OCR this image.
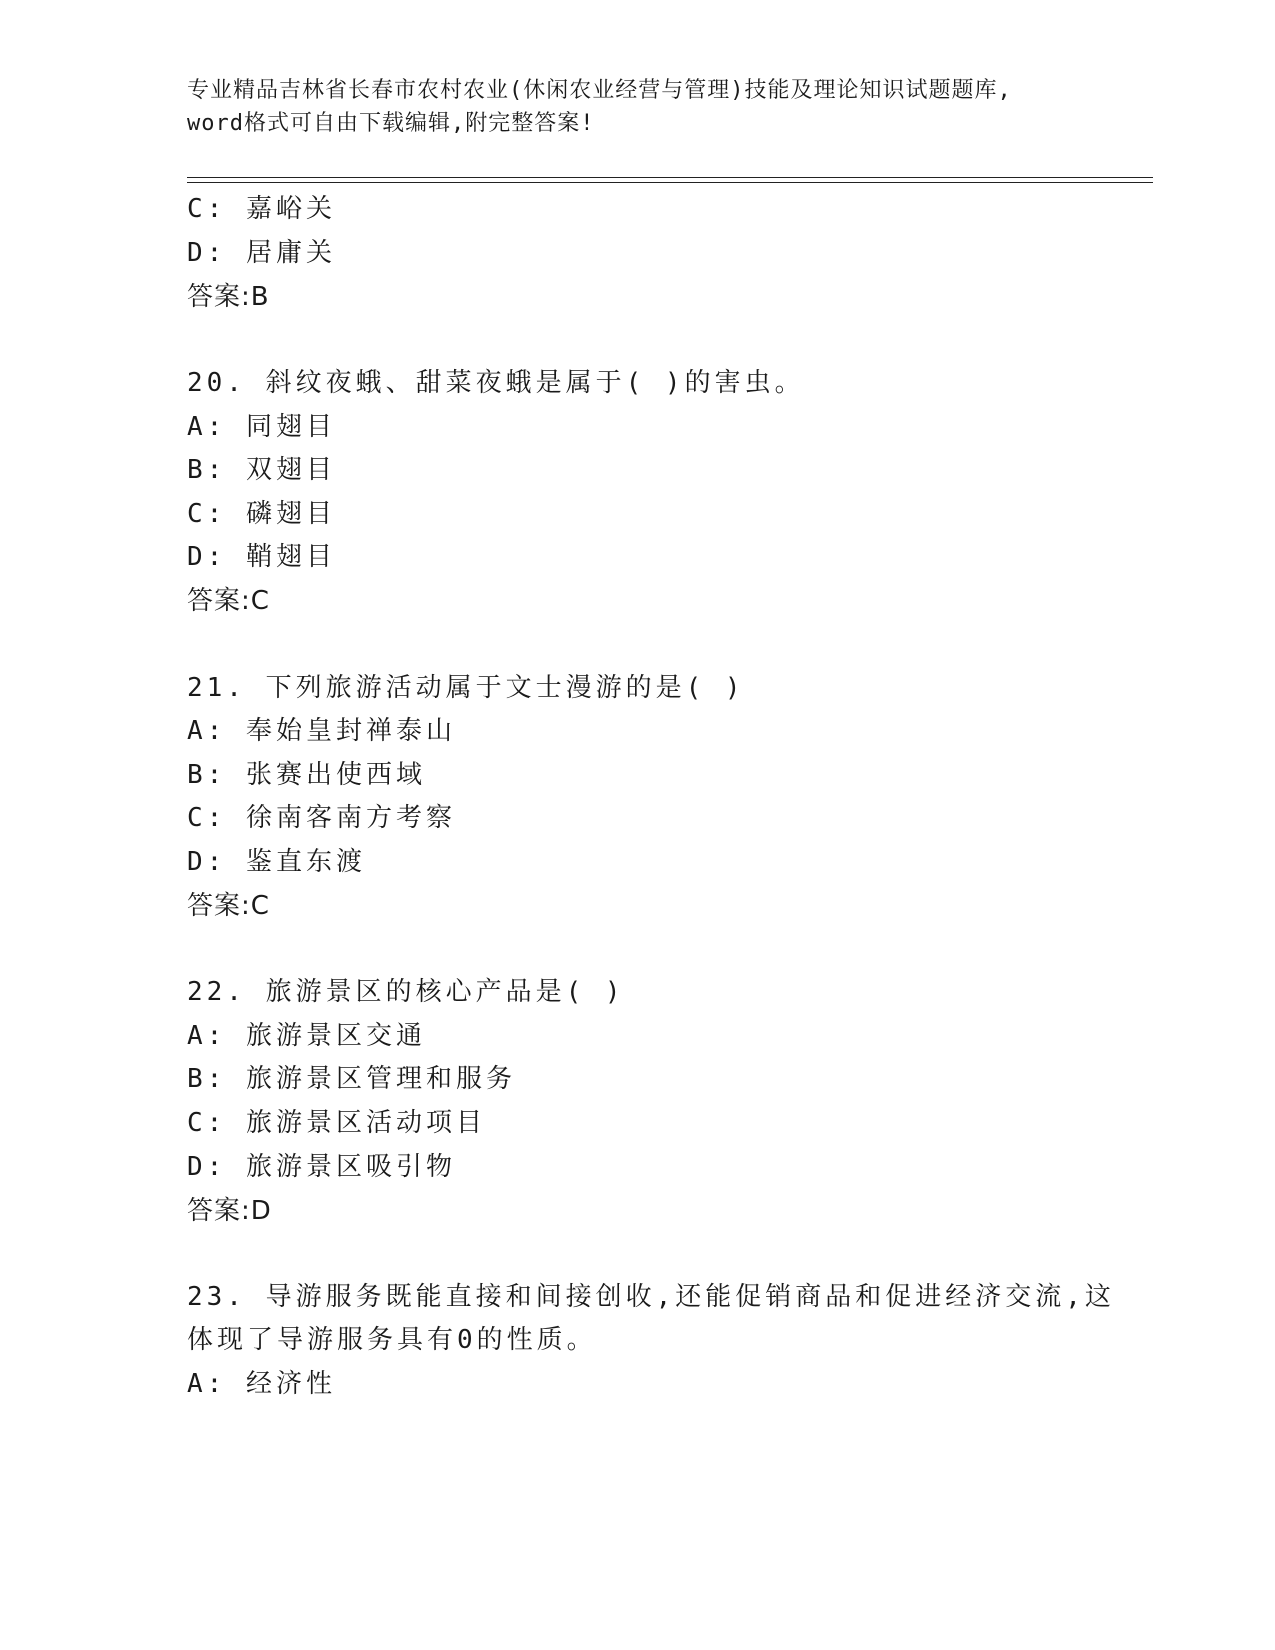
专业精品吉林省长春市农村农业(休闲农业经营与管理)技能及理论知识试题题库,
word格式可自由下载编辑,附完整答案!
C: 嘉峪关
D: 居庸关
答案:B
20. 斜纹夜蛾、甜菜夜蛾是属于( )的害虫。
A: 同翅目
B: 双翅目
C: 磷翅目
D: 鞘翅目
答案:C
21. 下列旅游活动属于文士漫游的是( )
A: 奉始皇封禅泰山
B: 张赛出使西域
C: 徐南客南方考察
D: 鉴直东渡
答案:C
22. 旅游景区的核心产品是( )
A: 旅游景区交通
B: 旅游景区管理和服务
C: 旅游景区活动项目
D: 旅游景区吸引物
答案:D
23. 导游服务既能直接和间接创收,还能促销商品和促进经济交流,这
体现了导游服务具有0的性质。
A: 经济性
